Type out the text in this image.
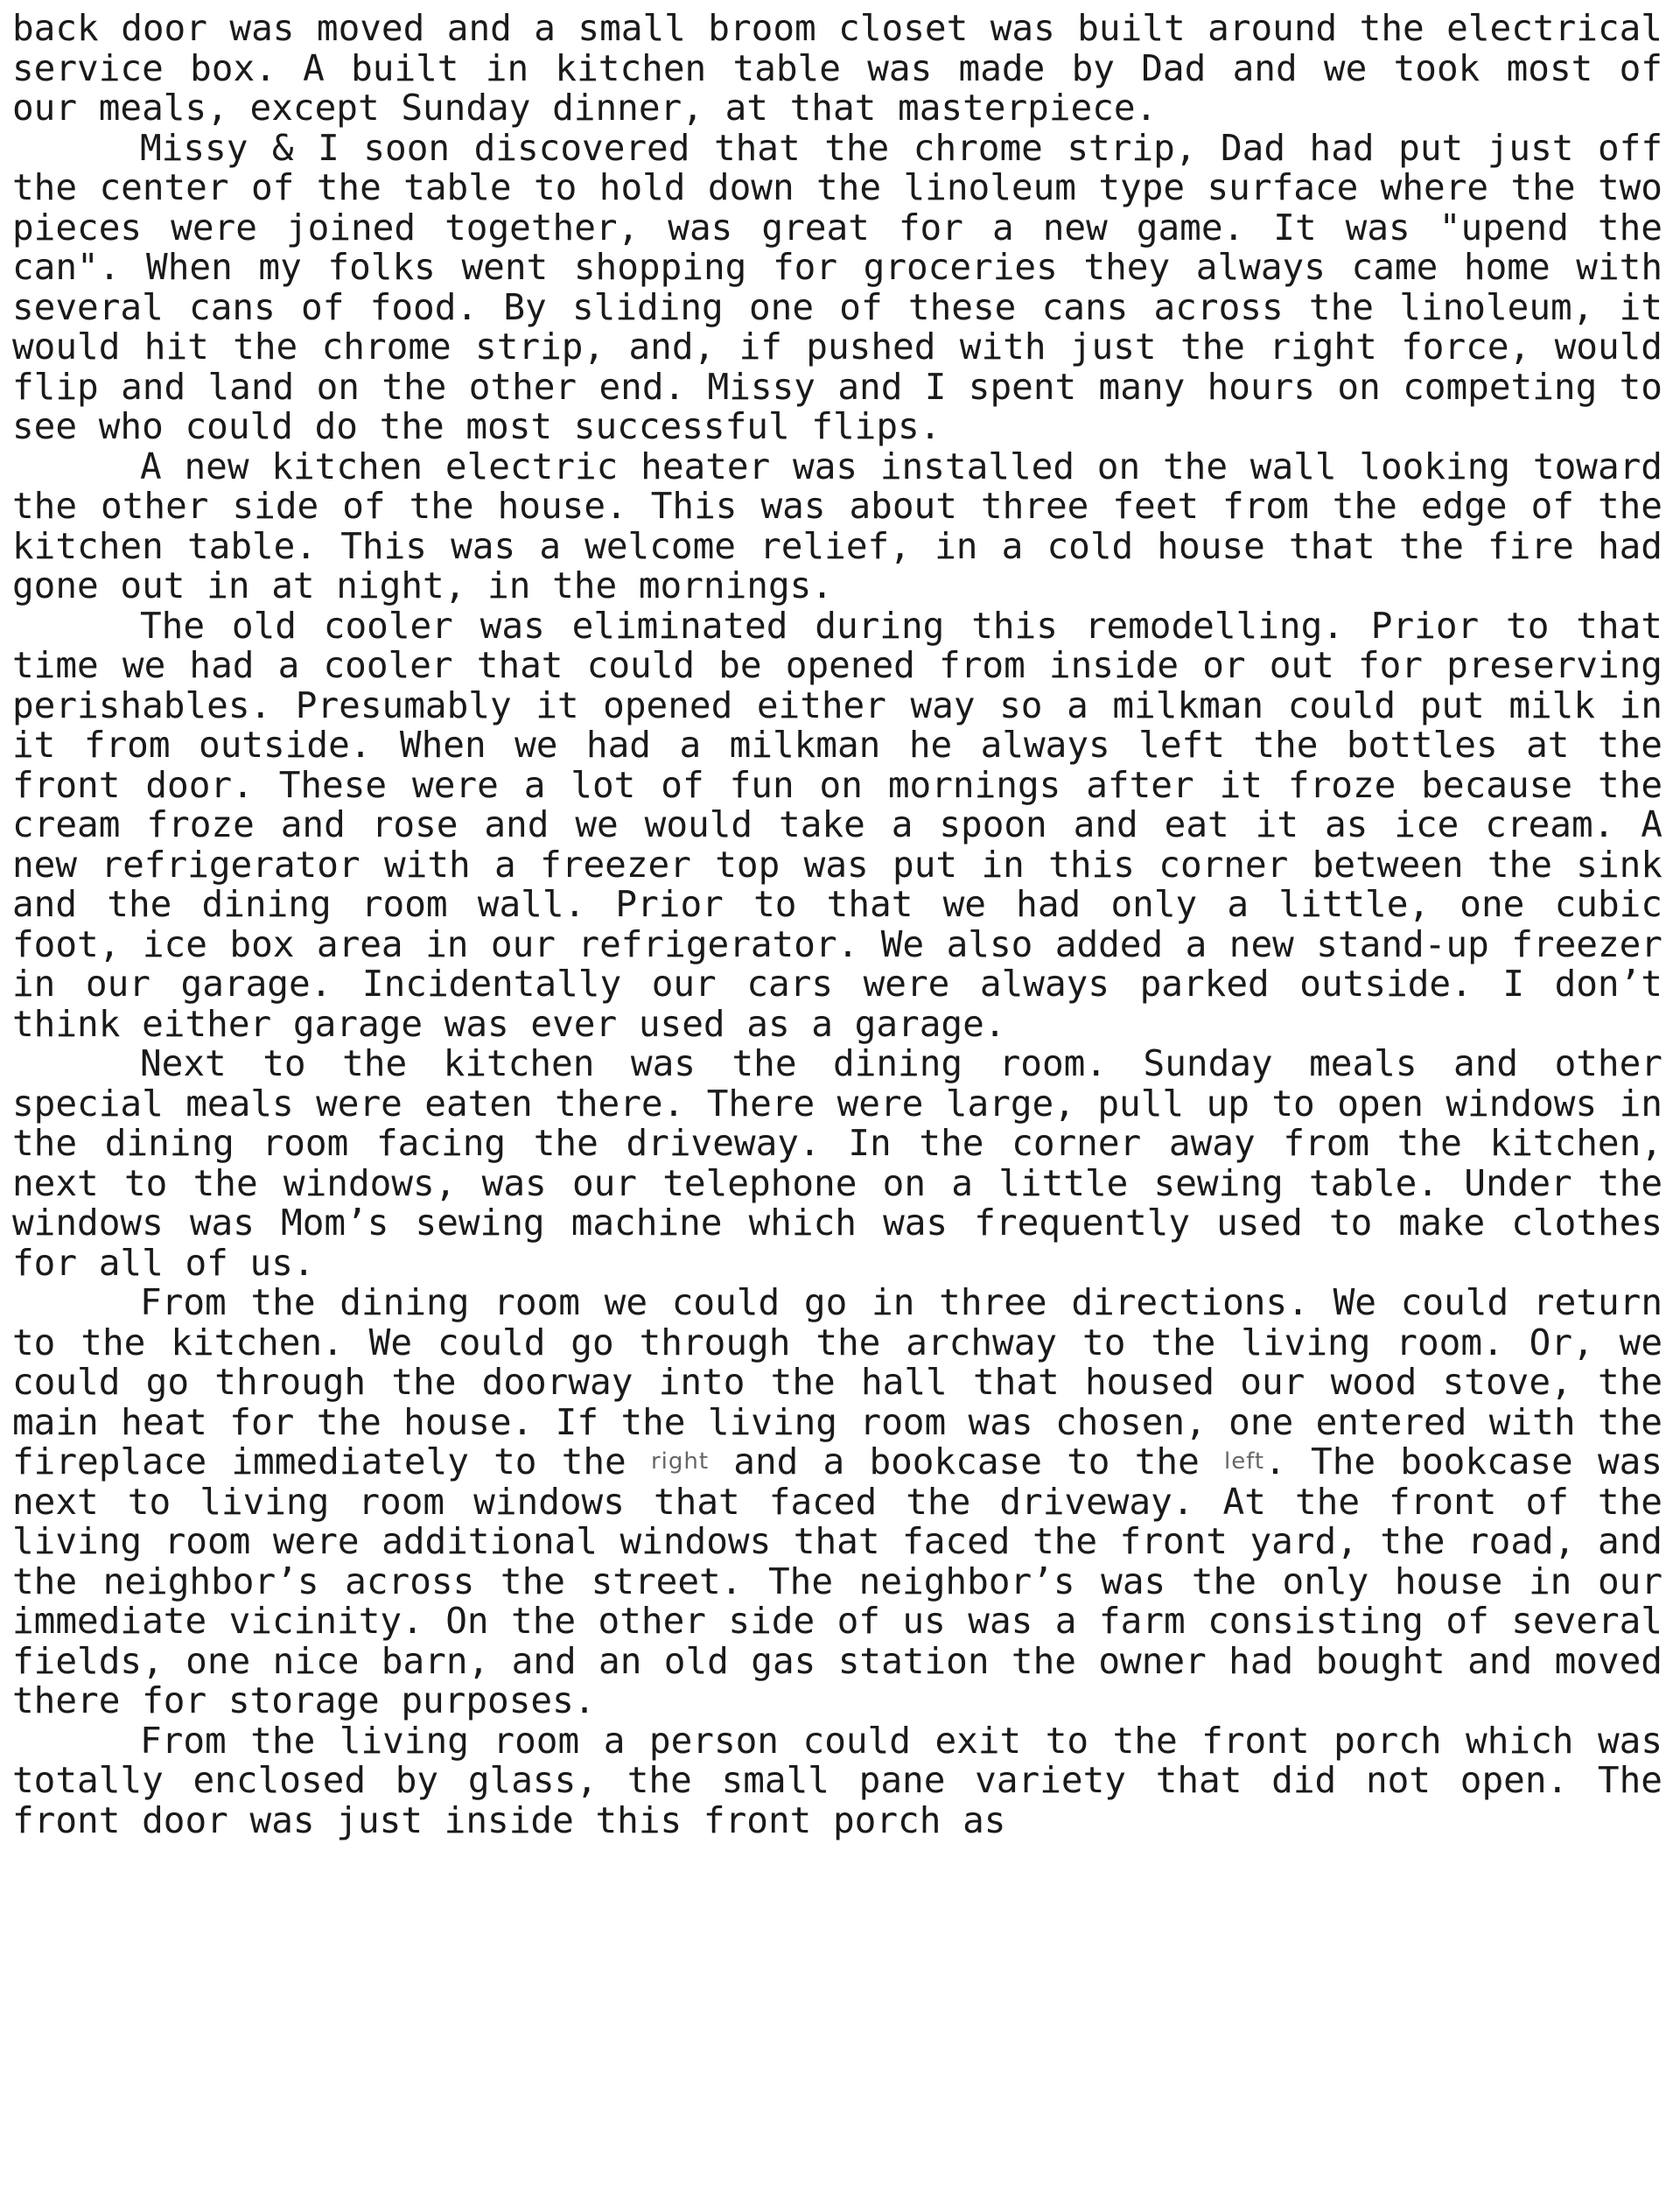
back door was moved and a small broom closet was built around the electrical service box. A built in kitchen table was made by Dad and we took most of our meals, except Sunday dinner, at that masterpiece.

Missy & I soon discovered that the chrome strip, Dad had put just off the center of the table to hold down the linoleum type surface where the two pieces were joined together, was great for a new game. It was "upend the can". When my folks went shopping for groceries they always came home with several cans of food. By sliding one of these cans across the linoleum, it would hit the chrome strip, and, if pushed with just the right force, would flip and land on the other end. Missy and I spent many hours on competing to see who could do the most successful flips.

A new kitchen electric heater was installed on the wall looking toward the other side of the house. This was about three feet from the edge of the kitchen table. This was a welcome relief, in a cold house that the fire had gone out in at night, in the mornings.

The old cooler was eliminated during this remodelling. Prior to that time we had a cooler that could be opened from inside or out for preserving perishables. Presumably it opened either way so a milkman could put milk in it from outside. When we had a milkman he always left the bottles at the front door. These were a lot of fun on mornings after it froze because the cream froze and rose and we would take a spoon and eat it as ice cream. A new refrigerator with a freezer top was put in this corner between the sink and the dining room wall. Prior to that we had only a little, one cubic foot, ice box area in our refrigerator. We also added a new stand-up freezer in our garage. Incidentally our cars were always parked outside. I don’t think either garage was ever used as a garage.

Next to the kitchen was the dining room. Sunday meals and other special meals were eaten there. There were large, pull up to open windows in the dining room facing the driveway. In the corner away from the kitchen, next to the windows, was our telephone on a little sewing table. Under the windows was Mom’s sewing machine which was frequently used to make clothes for all of us.

From the dining room we could go in three directions. We could return to the kitchen. We could go through the archway to the living room. Or, we could go through the doorway into the hall that housed our wood stove, the main heat for the house. If the living room was chosen, one entered with the fireplace immediately to the right and a bookcase to the left. The bookcase was next to living room windows that faced the driveway. At the front of the living room were additional windows that faced the front yard, the road, and the neighbor’s across the street. The neighbor’s was the only house in our immediate vicinity. On the other side of us was a farm consisting of several fields, one nice barn, and an old gas station the owner had bought and moved there for storage purposes.

From the living room a person could exit to the front porch which was totally enclosed by glass, the small pane variety that did not open. The front door was just inside this front porch as
